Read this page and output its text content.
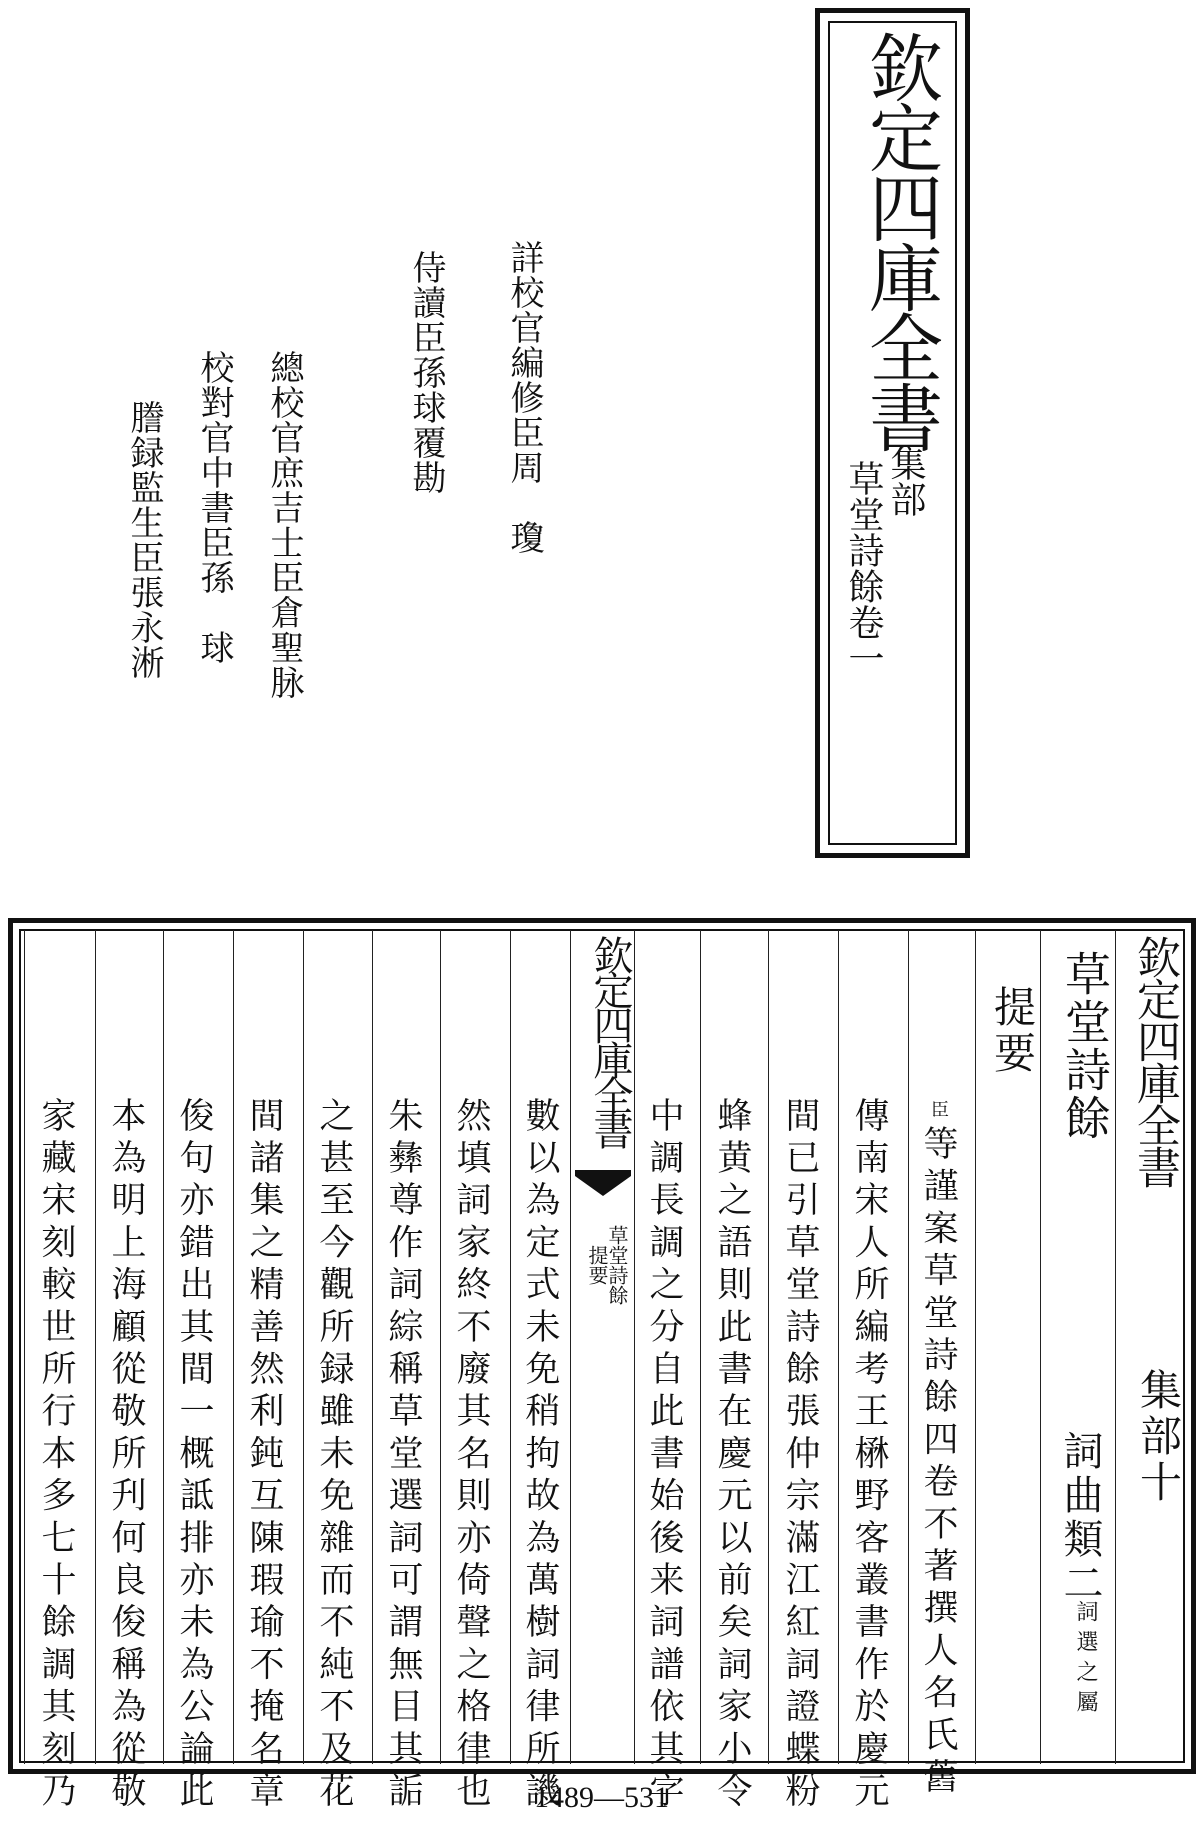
欽定四庫全書
集部
草堂詩餘卷一
詳校官編修臣周　瓊
侍讀臣孫球覆勘
總校官庶吉士臣倉聖脉
校對官中書臣孫　球
謄録監生臣張永淅
欽定四庫全書
草堂詩餘
集部十
詞曲類二
詞選之屬
提要
臣等謹案草堂詩餘四卷不著撰人名氏舊
傳南宋人所編考王楙野客叢書作於慶元
間已引草堂詩餘張仲宗滿江紅詞證蝶粉
蜂黄之語則此書在慶元以前矣詞家小令
中調長調之分自此書始後来詞譜依其字
欽定四庫全書
草堂詩餘
提要
數以為定式未免稍拘故為萬樹詞律所譏
然填詞家終不廢其名則亦倚聲之格律也
朱彝尊作詞綜稱草堂選詞可謂無目其詬
之甚至今觀所録雖未免雜而不純不及花
間諸集之精善然利鈍互陳瑕瑜不掩名章
俊句亦錯出其間一概詆排亦未為公論此
本為明上海顧從敬所刋何良俊稱為從敬
家藏宋刻較世所行本多七十餘調其刻乃	1489—531
